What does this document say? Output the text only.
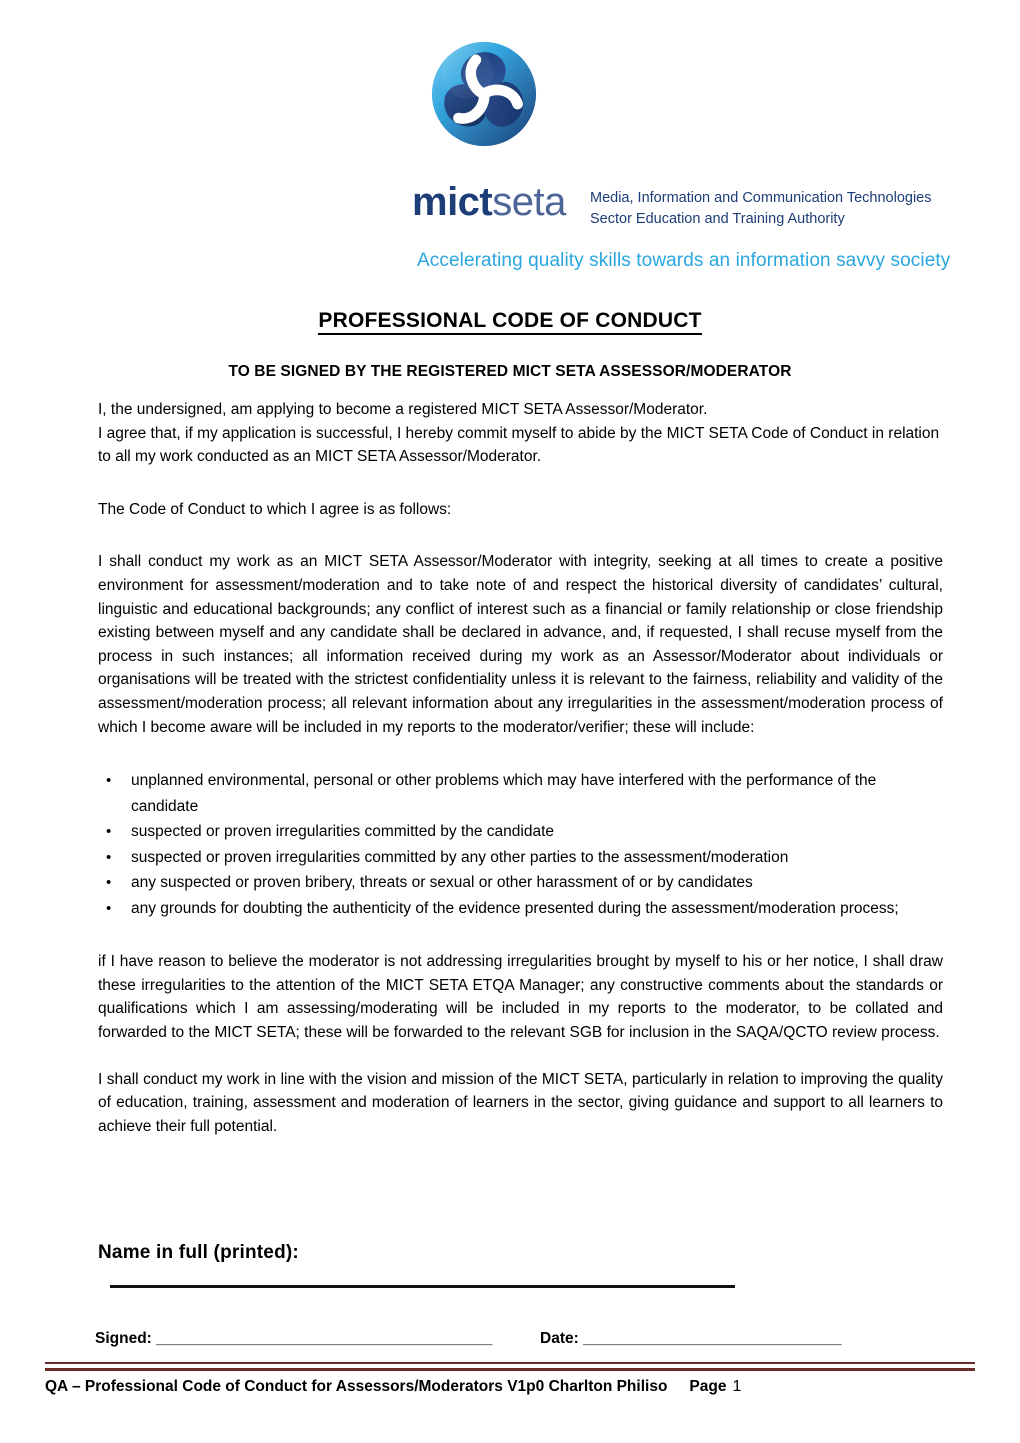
mictseta Media, Information and Communication Technologies
Sector Education and Training Authority
Accelerating quality skills towards an information savvy society
PROFESSIONAL CODE OF CONDUCT
TO BE SIGNED BY THE REGISTERED MICT SETA ASSESSOR/MODERATOR

I, the undersigned, am applying to become a registered MICT SETA Assessor/Moderator.

I agree that, if my application is successful, I hereby commit myself to abide by the MICT SETA Code of Conduct in relation to all my work conducted as an MICT SETA Assessor/Moderator.

The Code of Conduct to which I agree is as follows:

I shall conduct my work as an MICT SETA Assessor/Moderator with integrity, seeking at all times to create a positive environment for assessment/moderation and to take note of and respect the historical diversity of candidates’ cultural, linguistic and educational backgrounds; any conflict of interest such as a financial or family relationship or close friendship existing between myself and any candidate shall be declared in advance, and, if requested, I shall recuse myself from the process in such instances; all information received during my work as an Assessor/Moderator about individuals or organisations will be treated with the strictest confidentiality unless it is relevant to the fairness, reliability and validity of the assessment/moderation process; all relevant information about any irregularities in the assessment/moderation process of which I become aware will be included in my reports to the moderator/verifier; these will include:

• unplanned environmental, personal or other problems which may have interfered with the performance of the candidate
• suspected or proven irregularities committed by the candidate
• suspected or proven irregularities committed by any other parties to the assessment/moderation
• any suspected or proven bribery, threats or sexual or other harassment of or by candidates
• any grounds for doubting the authenticity of the evidence presented during the assessment/moderation process;

if I have reason to believe the moderator is not addressing irregularities brought by myself to his or her notice, I shall draw these irregularities to the attention of the MICT SETA ETQA Manager; any constructive comments about the standards or qualifications which I am assessing/moderating will be included in my reports to the moderator, to be collated and forwarded to the MICT SETA; these will be forwarded to the relevant SGB for inclusion in the SAQA/QCTO review process.

I shall conduct my work in line with the vision and mission of the MICT SETA, particularly in relation to improving the quality of education, training, assessment and moderation of learners in the sector, giving guidance and support to all learners to achieve their full potential.

Name in full (printed):
Signed: _______________________________________	Date: ______________________________
QA – Professional Code of Conduct for Assessors/Moderators V1p0 Charlton Philiso Page 1
